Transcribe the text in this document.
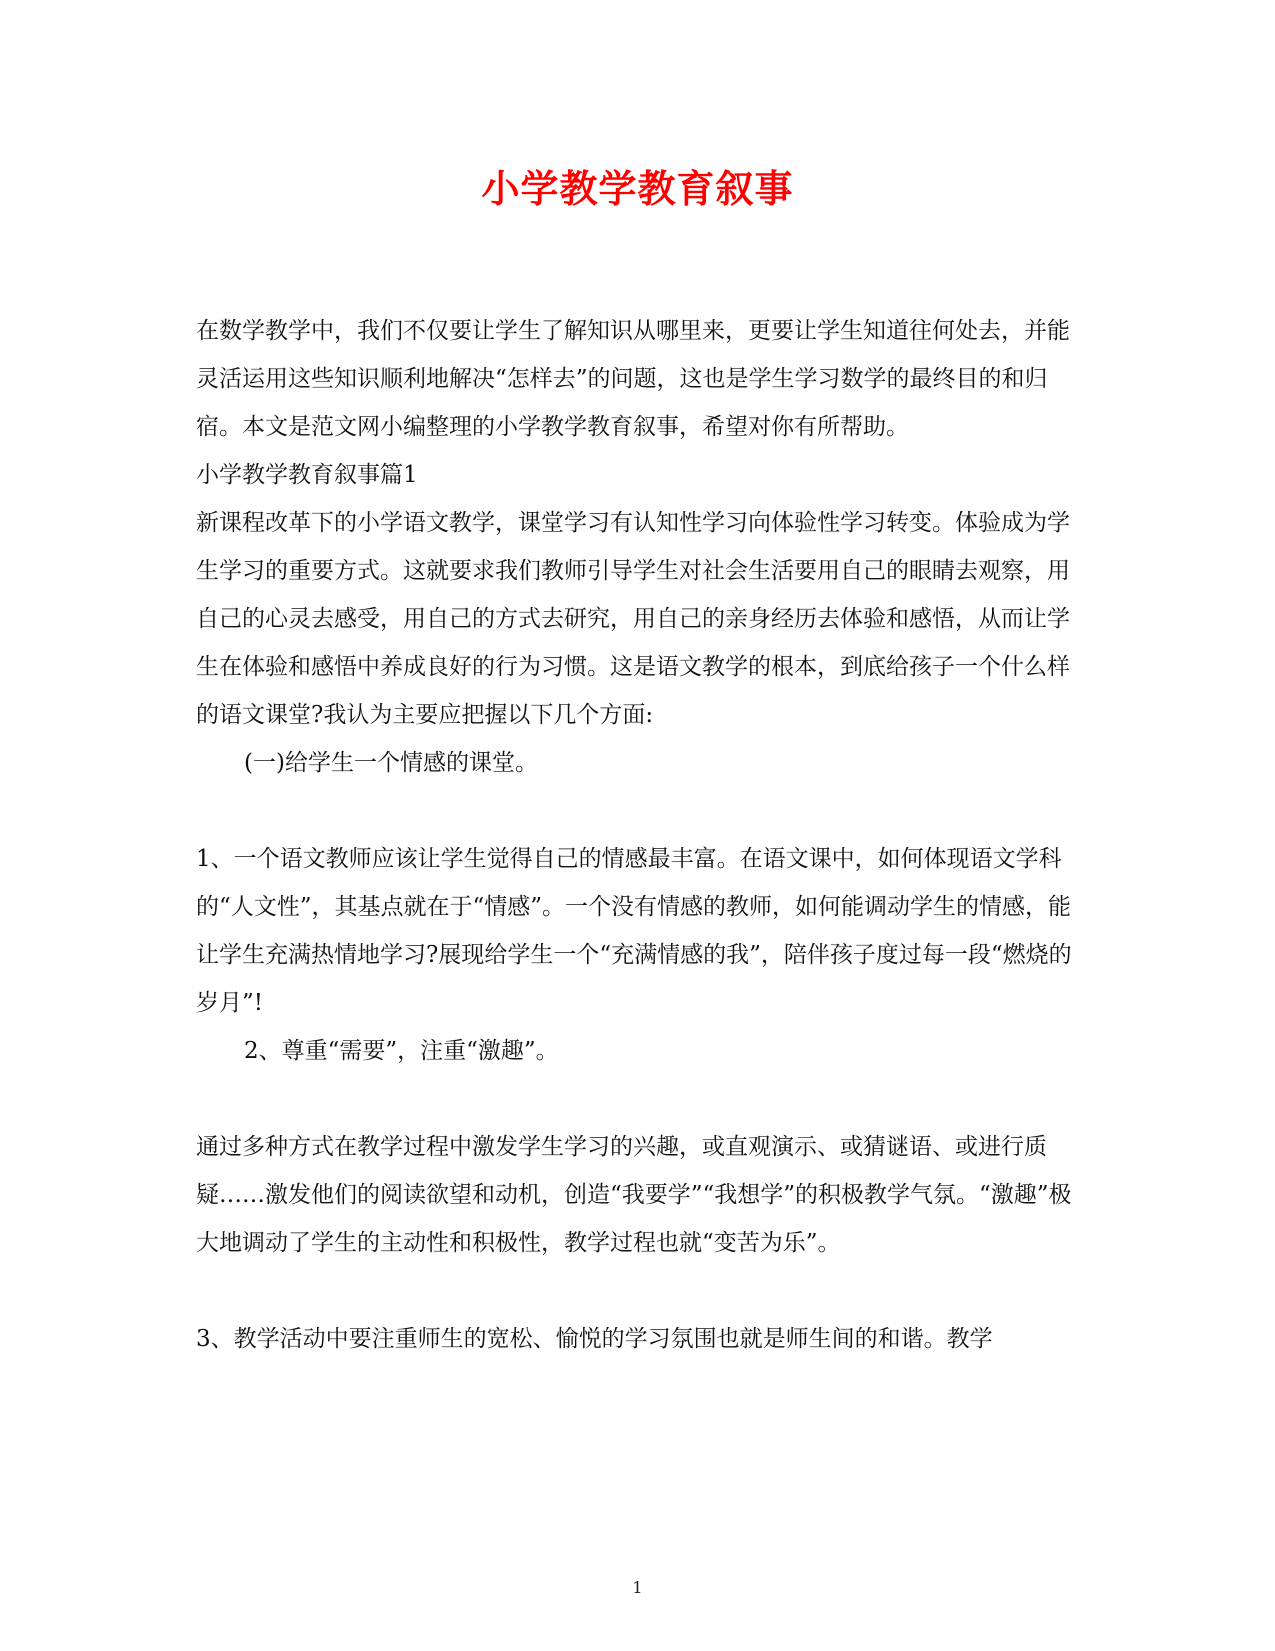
小学教学教育叙事

在数学教学中，我们不仅要让学生了解知识从哪里来，更要让学生知道往何处去，并能灵活运用这些知识顺利地解决“怎样去”的问题，这也是学生学习数学的最终目的和归宿。本文是范文网小编整理的小学教学教育叙事，希望对你有所帮助。

小学教学教育叙事篇1

新课程改革下的小学语文教学，课堂学习有认知性学习向体验性学习转变。体验成为学生学习的重要方式。这就要求我们教师引导学生对社会生活要用自己的眼睛去观察，用自己的心灵去感受，用自己的方式去研究，用自己的亲身经历去体验和感悟，从而让学生在体验和感悟中养成良好的行为习惯。这是语文教学的根本，到底给孩子一个什么样的语文课堂?我认为主要应把握以下几个方面:

(一)给学生一个情感的课堂。

1、一个语文教师应该让学生觉得自己的情感最丰富。在语文课中，如何体现语文学科的“人文性”，其基点就在于“情感”。一个没有情感的教师，如何能调动学生的情感，能让学生充满热情地学习?展现给学生一个“充满情感的我”，陪伴孩子度过每一段“燃烧的岁月”!

2、尊重“需要”，注重“激趣”。

通过多种方式在教学过程中激发学生学习的兴趣，或直观演示、或猜谜语、或进行质疑……激发他们的阅读欲望和动机，创造“我要学”“我想学”的积极教学气氛。“激趣”极大地调动了学生的主动性和积极性，教学过程也就“变苦为乐”。

3、教学活动中要注重师生的宽松、愉悦的学习氛围也就是师生间的和谐。教学

1
